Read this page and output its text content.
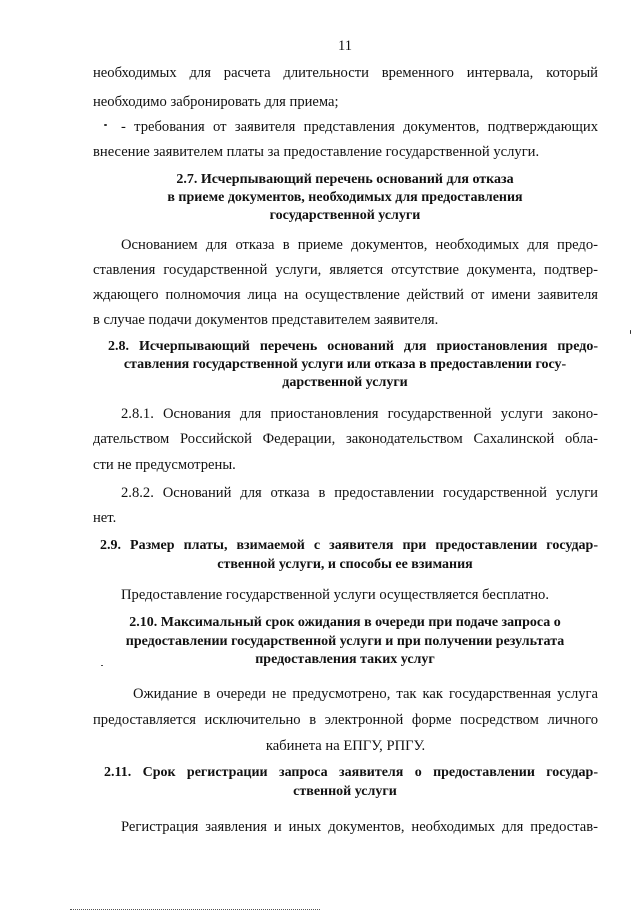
11
необходимых для расчета длительности временного интервала, который
необходимо забронировать для приема;
- требования от заявителя представления документов, подтверждающих
внесение заявителем платы за предоставление государственной услуги.
2.7. Исчерпывающий перечень оснований для отказа
в приеме документов, необходимых для предоставления
государственной услуги
Основанием для отказа в приеме документов, необходимых для предо-
ставления государственной услуги, является отсутствие документа, подтвер-
ждающего полномочия лица на осуществление действий от имени заявителя
в случае подачи документов представителем заявителя.
2.8. Исчерпывающий перечень оснований для приостановления предо-
ставления государственной услуги или отказа в предоставлении госу-
дарственной услуги
2.8.1. Основания для приостановления государственной услуги законо-
дательством Российской Федерации, законодательством Сахалинской обла-
сти не предусмотрены.
2.8.2. Оснований для отказа в предоставлении государственной услуги
нет.
2.9. Размер платы, взимаемой с заявителя при предоставлении государ-
ственной услуги, и способы ее взимания
Предоставление государственной услуги осуществляется бесплатно.
2.10. Максимальный срок ожидания в очереди при подаче запроса о
предоставлении государственной услуги и при получении результата
предоставления таких услуг
Ожидание в очереди не предусмотрено, так как государственная услуга
предоставляется исключительно в электронной форме посредством личного
кабинета на ЕПГУ, РПГУ.
2.11. Срок регистрации запроса заявителя о предоставлении государ-
ственной услуги
Регистрация заявления и иных документов, необходимых для предостав-
